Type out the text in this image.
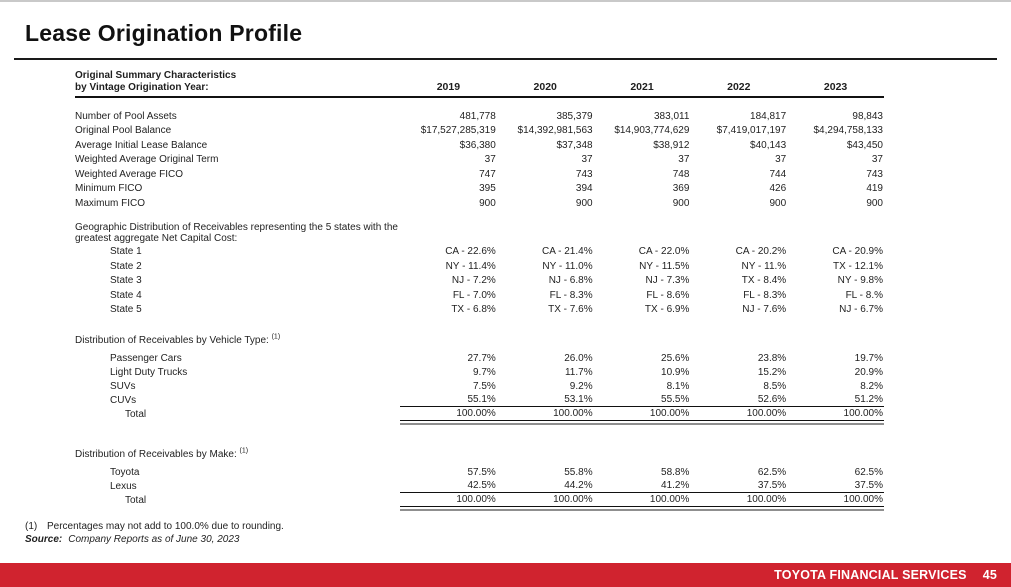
Lease Origination Profile
Original Summary Characteristics
by Vintage Origination Year:	2019	2020	2021	2022	2023

Number of Pool Assets	481,778	385,379	383,011	184,817	98,843
Original Pool Balance	$17,527,285,319	$14,392,981,563	$14,903,774,629	$7,419,017,197	$4,294,758,133
Average Initial Lease Balance	$36,380	$37,348	$38,912	$40,143	$43,450
Weighted Average Original Term	37	37	37	37	37
Weighted Average FICO	747	743	748	744	743
Minimum FICO	395	394	369	426	419
Maximum FICO	900	900	900	900	900

Geographic Distribution of Receivables representing the 5 states with the
greatest aggregate Net Capital Cost:					

State 1	CA - 22.6%	CA - 21.4%	CA - 22.0%	CA - 20.2%	CA - 20.9%
State 2	NY - 11.4%	NY - 11.0%	NY - 11.5%	NY - 11.%	TX - 12.1%
State 3	NJ - 7.2%	NJ - 6.8%	NJ - 7.3%	TX - 8.4%	NY - 9.8%
State 4	FL - 7.0%	FL - 8.3%	FL - 8.6%	FL - 8.3%	FL - 8.%
State 5	TX - 6.8%	TX - 7.6%	TX - 6.9%	NJ - 7.6%	NJ - 6.7%

Distribution of Receivables by Vehicle Type: $^{(1)}$

Passenger Cars	27.7%	26.0%	25.6%	23.8%	19.7%
Light Duty Trucks	9.7%	11.7%	10.9%	15.2%	20.9%
SUVs	7.5%	9.2%	8.1%	8.5%	8.2%
CUVs	55.1%	53.1%	55.5%	52.6%	51.2%
Total	100.00%	100.00%	100.00%	100.00%	100.00%

Distribution of Receivables by Make: $^{(1)}$

Toyota	57.5%	55.8%	58.8%	62.5%	62.5%
Lexus	42.5%	44.2%	41.2%	37.5%	37.5%
Total	100.00%	100.00%	100.00%	100.00%	100.00%
(1) Percentages may not add to 100.0% due to rounding.
Source: Company Reports as of June 30, 2023
TOYOTA FINANCIAL SERVICES 45
